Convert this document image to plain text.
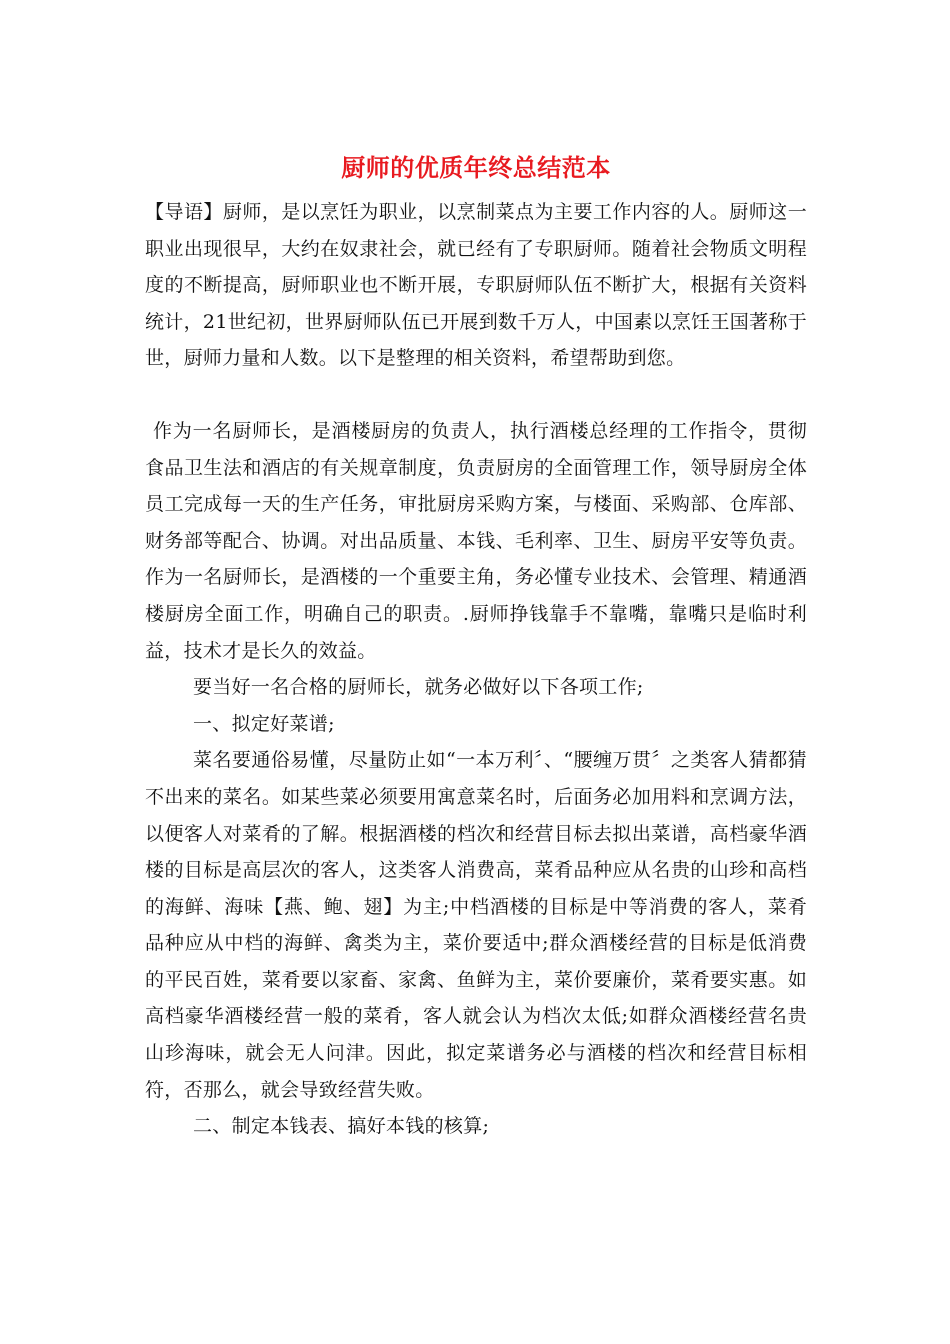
厨师的优质年终总结范本

【导语】厨师，是以烹饪为职业，以烹制菜点为主要工作内容的人。厨师这一职业出现很早，大约在奴隶社会，就已经有了专职厨师。随着社会物质文明程度的不断提高，厨师职业也不断开展，专职厨师队伍不断扩大，根据有关资料统计，21世纪初，世界厨师队伍已开展到数千万人，中国素以烹饪王国著称于世，厨师力量和人数。以下是整理的相关资料，希望帮助到您。

作为一名厨师长，是酒楼厨房的负责人，执行酒楼总经理的工作指令，贯彻食品卫生法和酒店的有关规章制度，负责厨房的全面管理工作，领导厨房全体员工完成每一天的生产任务，审批厨房采购方案，与楼面、采购部、仓库部、财务部等配合、协调。对出品质量、本钱、毛利率、卫生、厨房平安等负责。作为一名厨师长，是酒楼的一个重要主角，务必懂专业技术、会管理、精通酒楼厨房全面工作，明确自己的职责。.厨师挣钱靠手不靠嘴，靠嘴只是临时利益，技术才是长久的效益。

要当好一名合格的厨师长，就务必做好以下各项工作;

一、拟定好菜谱;

菜名要通俗易懂，尽量防止如“一本万利〞、“腰缠万贯〞之类客人猜都猜不出来的菜名。如某些菜必须要用寓意菜名时，后面务必加用料和烹调方法，以便客人对菜肴的了解。根据酒楼的档次和经营目标去拟出菜谱，高档豪华酒楼的目标是高层次的客人，这类客人消费高，菜肴品种应从名贵的山珍和高档的海鲜、海味【燕、鲍、翅】为主;中档酒楼的目标是中等消费的客人，菜肴品种应从中档的海鲜、禽类为主，菜价要适中;群众酒楼经营的目标是低消费的平民百姓，菜肴要以家畜、家禽、鱼鲜为主，菜价要廉价，菜肴要实惠。如高档豪华酒楼经营一般的菜肴，客人就会认为档次太低;如群众酒楼经营名贵山珍海味，就会无人问津。因此，拟定菜谱务必与酒楼的档次和经营目标相符，否那么，就会导致经营失败。

二、制定本钱表、搞好本钱的核算;
